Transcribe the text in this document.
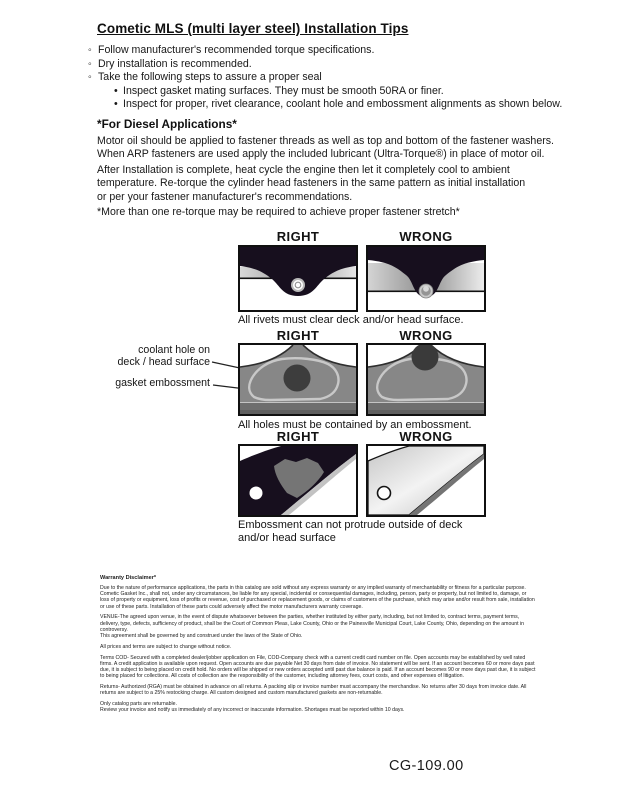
Cometic MLS (multi layer steel) Installation Tips
◦ Follow manufacturer's recommended torque specifications.
◦ Dry installation is recommended.
◦ Take the following steps to assure a proper seal
• Inspect gasket mating surfaces. They must be smooth 50RA or finer.
• Inspect for proper, rivet clearance, coolant hole and embossment alignments as shown below.
*For Diesel Applications*
Motor oil should be applied to fastener threads as well as top and bottom of the fastener washers.
When ARP fasteners are used apply the included lubricant (Ultra-Torque®) in place of motor oil.
After Installation is complete, heat cycle the engine then let it completely cool to ambient
temperature. Re-torque the cylinder head fasteners in the same pattern as initial installation
or per your fastener manufacturer's recommendations.
*More than one re-torque may be required to achieve proper fastener stretch*
RIGHT	WRONG
All rivets must clear deck and/or head surface.
RIGHT	WRONG
coolant hole on
deck / head surface
gasket embossment
All holes must be contained by an embossment.
RIGHT	WRONG
Embossment can not protrude outside of deck
and/or head surface
Warranty Disclaimer*

Due to the nature of performance applications, the parts in this catalog are sold without any express warranty or any implied warranty of merchantability or fitness for a particular purpose. Cometic Gasket Inc., shall not, under any circumstances, be liable for any special, incidental or consequential damages, including, person, party or property, but not limited to, damage, or loss of property or equipment, loss of profits or revenue, cost of purchased or replacement goods, or claims of customers of the purchase, which may arise and/or result from sale, installation or use of these parts. Installation of these parts could adversely affect the motor manufacturers warranty coverage.

VENUE-The agreed upon venue, in the event of dispute whatsoever between the parties, whether instituted by either party, including, but not limited to, contract terms, payment terms, delivery, type, defects, sufficiency of product, shall be the Court of Common Pleas, Lake County, Ohio or the Painesville Municipal Court, Lake County, Ohio, depending on the amount in controversy.
This agreement shall be governed by and construed under the laws of the State of Ohio.

All prices and terms are subject to change without notice.

Terms COD- Secured with a completed dealer/jobber application on File, COD-Company check with a current credit card number on file. Open accounts may be established by well rated firms. A credit application is available upon request. Open accounts are due payable Net 30 days from date of invoice. No statement will be sent. If an account becomes 60 or more days past due, it is subject to being placed on credit hold. No orders will be shipped or new orders accepted until past due balance is paid. If an account becomes 90 or more days past due, it is subject to being placed for collections. All costs of collection are the responsibility of the customer, including attorney fees, court costs, and other expenses of litigation.

Returns- Authorized (RGA) must be obtained in advance on all returns. A packing slip or invoice number must accompany the merchandise. No returns after 30 days from invoice date. All returns are subject to a 25% restocking charge. All custom designed and custom manufactured gaskets are non-returnable.

Only catalog parts are returnable.
Review your invoice and notify us immediately of any incorrect or inaccurate information. Shortages must be reported within 10 days.

CG-109.00
